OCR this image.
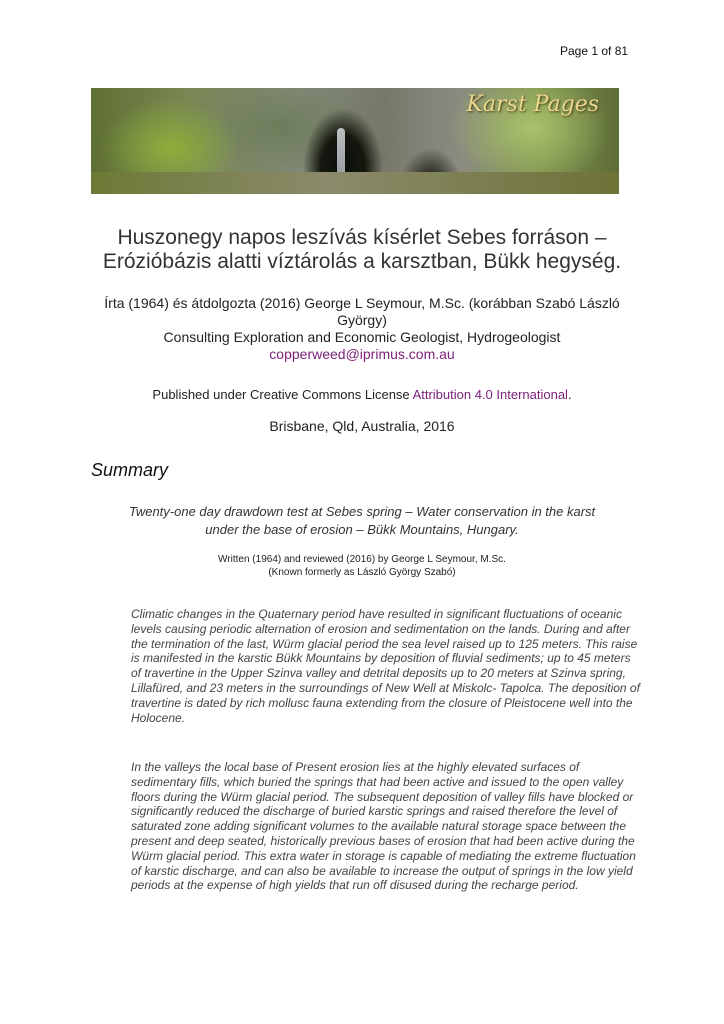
Page 1 of 81
Karst Pages
Huszonegy napos leszívás kísérlet Sebes forráson –
Erózióbázis alatti víztárolás a karsztban, Bükk hegység.
Írta (1964) és átdolgozta (2016) George L Seymour, M.Sc. (korábban Szabó László
György)
Consulting Exploration and Economic Geologist, Hydrogeologist
copperweed@iprimus.com.au
Published under Creative Commons License Attribution 4.0 International.
Brisbane, Qld, Australia, 2016
Summary
Twenty-one day drawdown test at Sebes spring – Water conservation in the karst
under the base of erosion – Bükk Mountains, Hungary.
Written (1964) and reviewed (2016) by George L Seymour, M.Sc.
(Known formerly as László György Szabó)
Climatic changes in the Quaternary period have resulted in significant fluctuations of oceanic levels causing periodic alternation of erosion and sedimentation on the lands. During and after the termination of the last, Würm glacial period the sea level raised up to 125 meters. This raise is manifested in the karstic Bükk Mountains by deposition of fluvial sediments; up to 45 meters of travertine in the Upper Szinva valley and detrital deposits up to 20 meters at Szinva spring, Lillafüred, and 23 meters in the surroundings of New Well at Miskolc- Tapolca. The deposition of travertine is dated by rich mollusc fauna extending from the closure of Pleistocene well into the Holocene.
In the valleys the local base of Present erosion lies at the highly elevated surfaces of sedimentary fills, which buried the springs that had been active and issued to the open valley floors during the Würm glacial period. The subsequent deposition of valley fills have blocked or significantly reduced the discharge of buried karstic springs and raised therefore the level of saturated zone adding significant volumes to the available natural storage space between the present and deep seated, historically previous bases of erosion that had been active during the Würm glacial period. This extra water in storage is capable of mediating the extreme fluctuation of karstic discharge, and can also be available to increase the output of springs in the low yield periods at the expense of high yields that run off disused during the recharge period.
